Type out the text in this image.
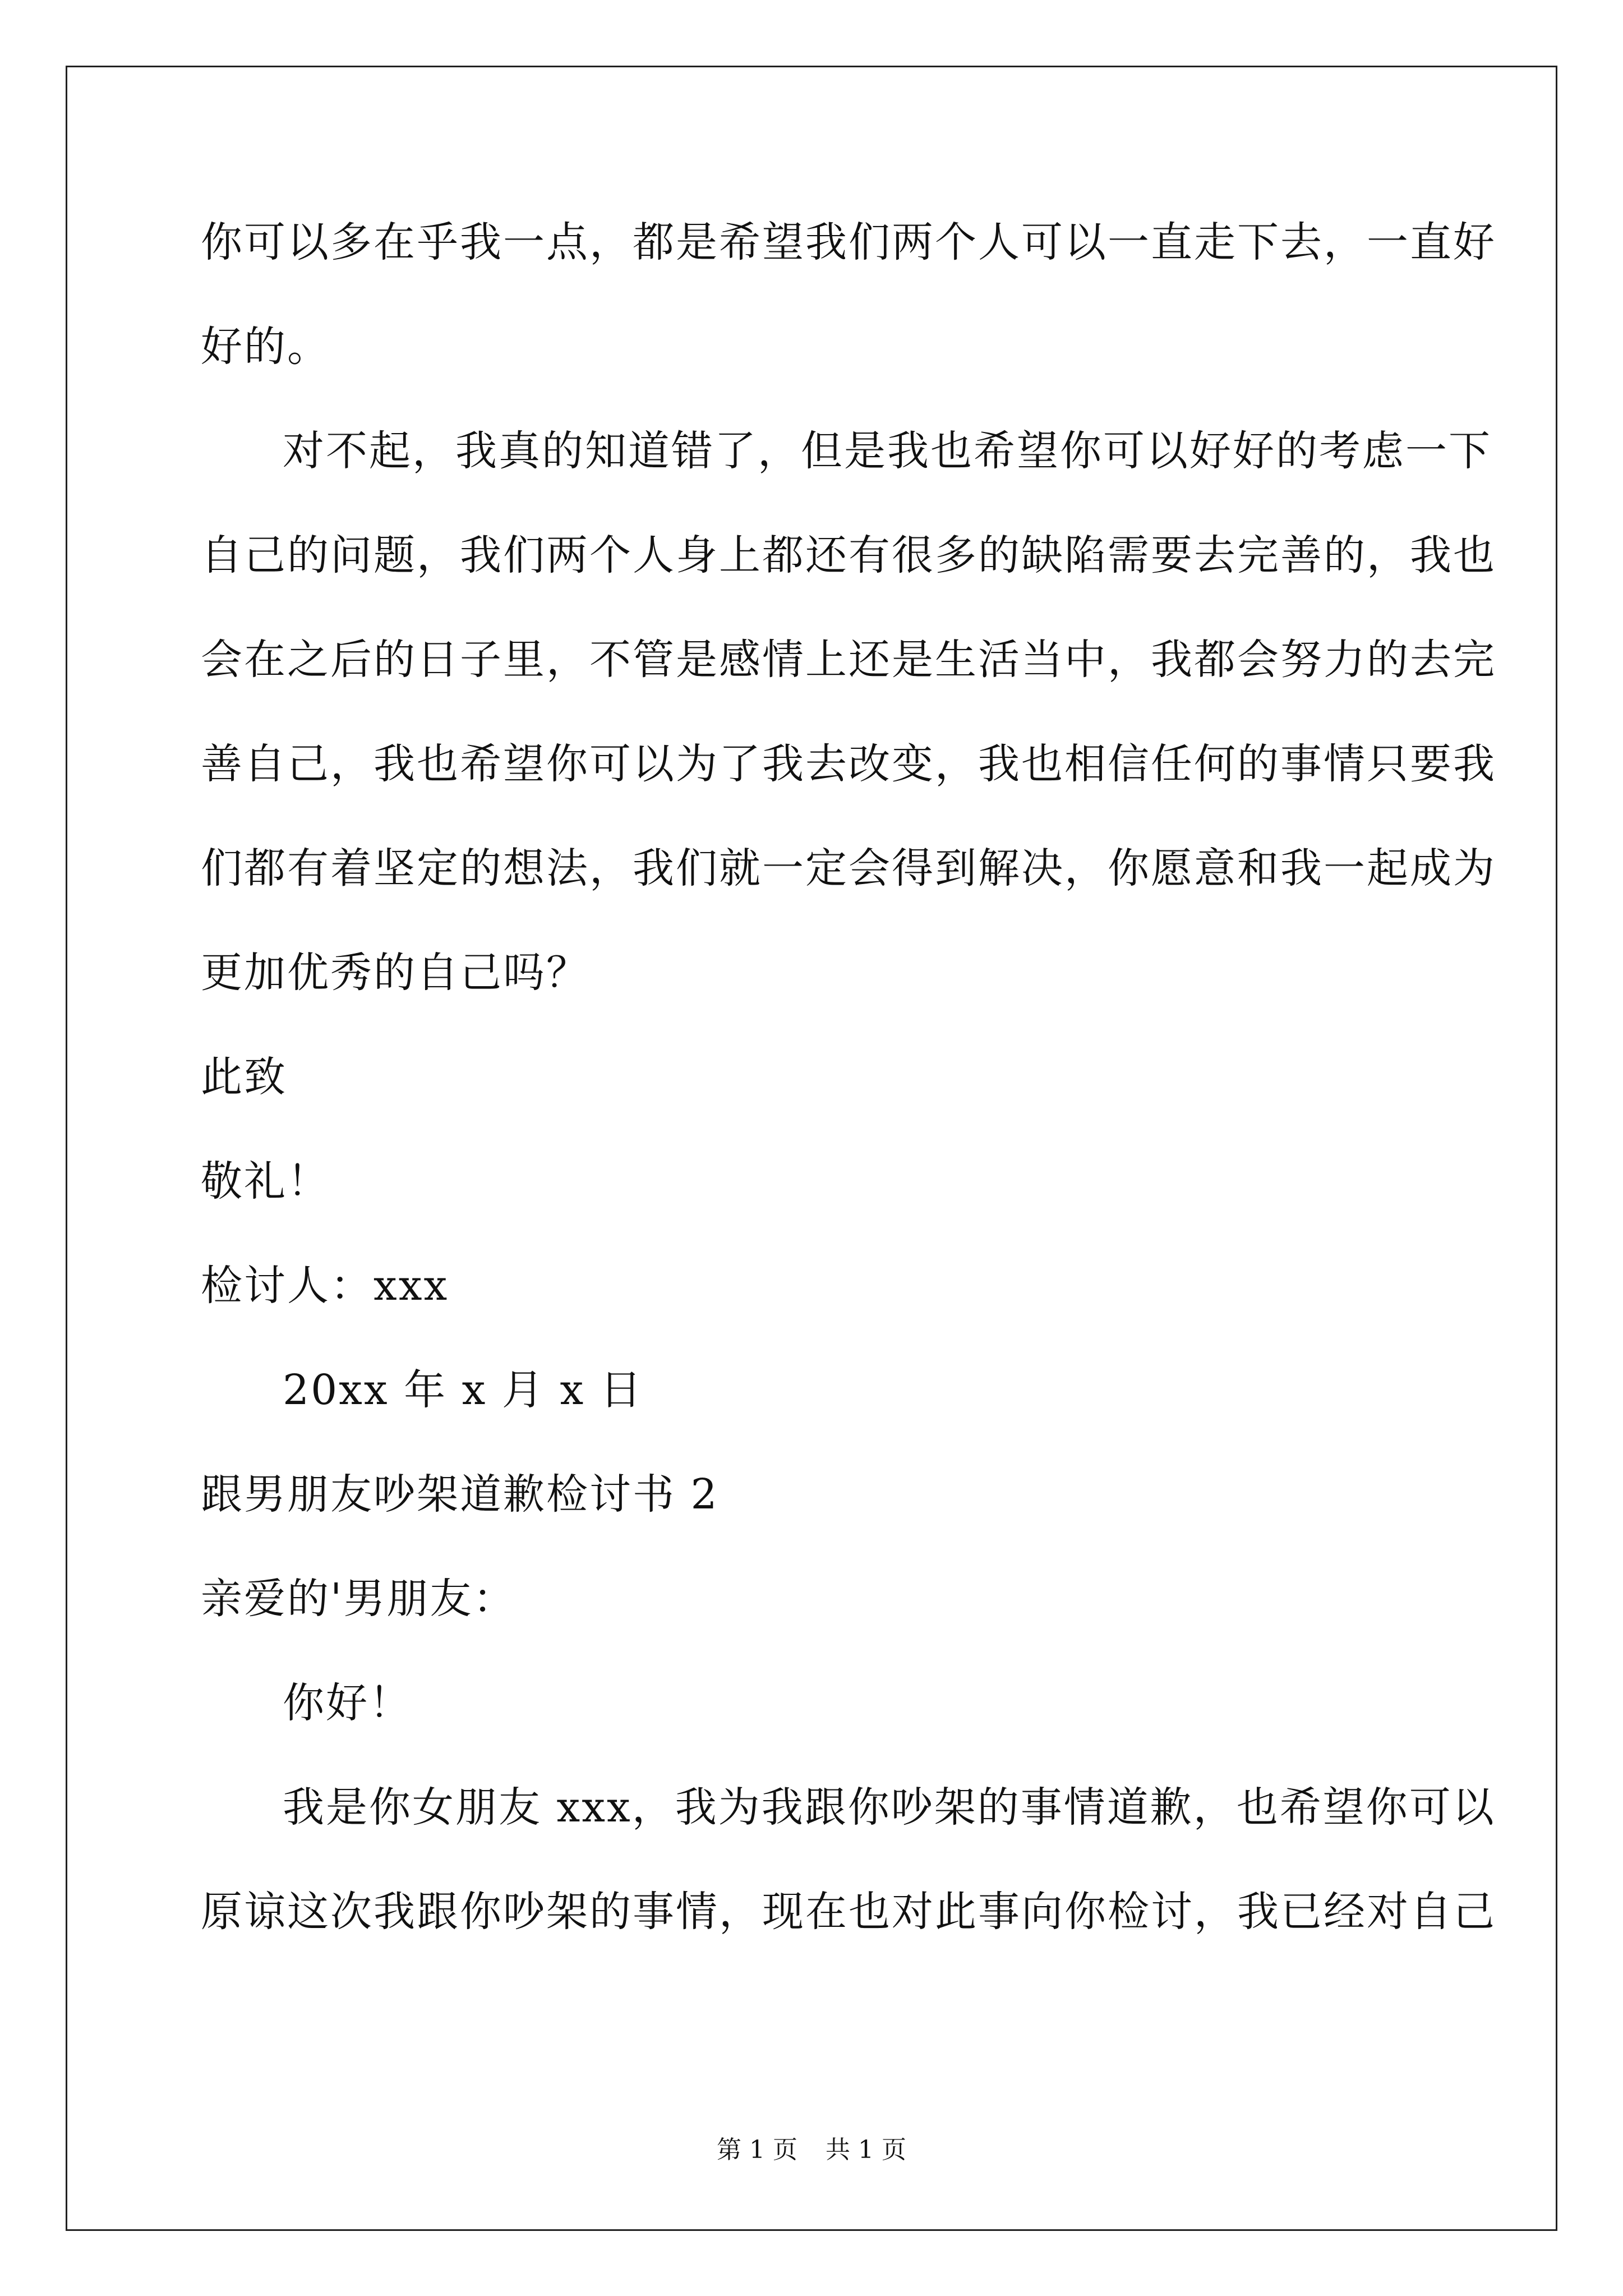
你可以多在乎我一点，都是希望我们两个人可以一直走下去，一直好
好的。
对不起，我真的知道错了，但是我也希望你可以好好的考虑一下
自己的问题，我们两个人身上都还有很多的缺陷需要去完善的，我也
会在之后的日子里，不管是感情上还是生活当中，我都会努力的去完
善自己，我也希望你可以为了我去改变，我也相信任何的事情只要我
们都有着坚定的想法，我们就一定会得到解决，你愿意和我一起成为
更加优秀的自己吗？
此致
敬礼！
检讨人：xxx
20xx 年 x 月 x 日
跟男朋友吵架道歉检讨书 2
亲爱的'男朋友：
你好！
我是你女朋友 xxx，我为我跟你吵架的事情道歉，也希望你可以
原谅这次我跟你吵架的事情，现在也对此事向你检讨，我已经对自己
第 1 页 共 1 页
